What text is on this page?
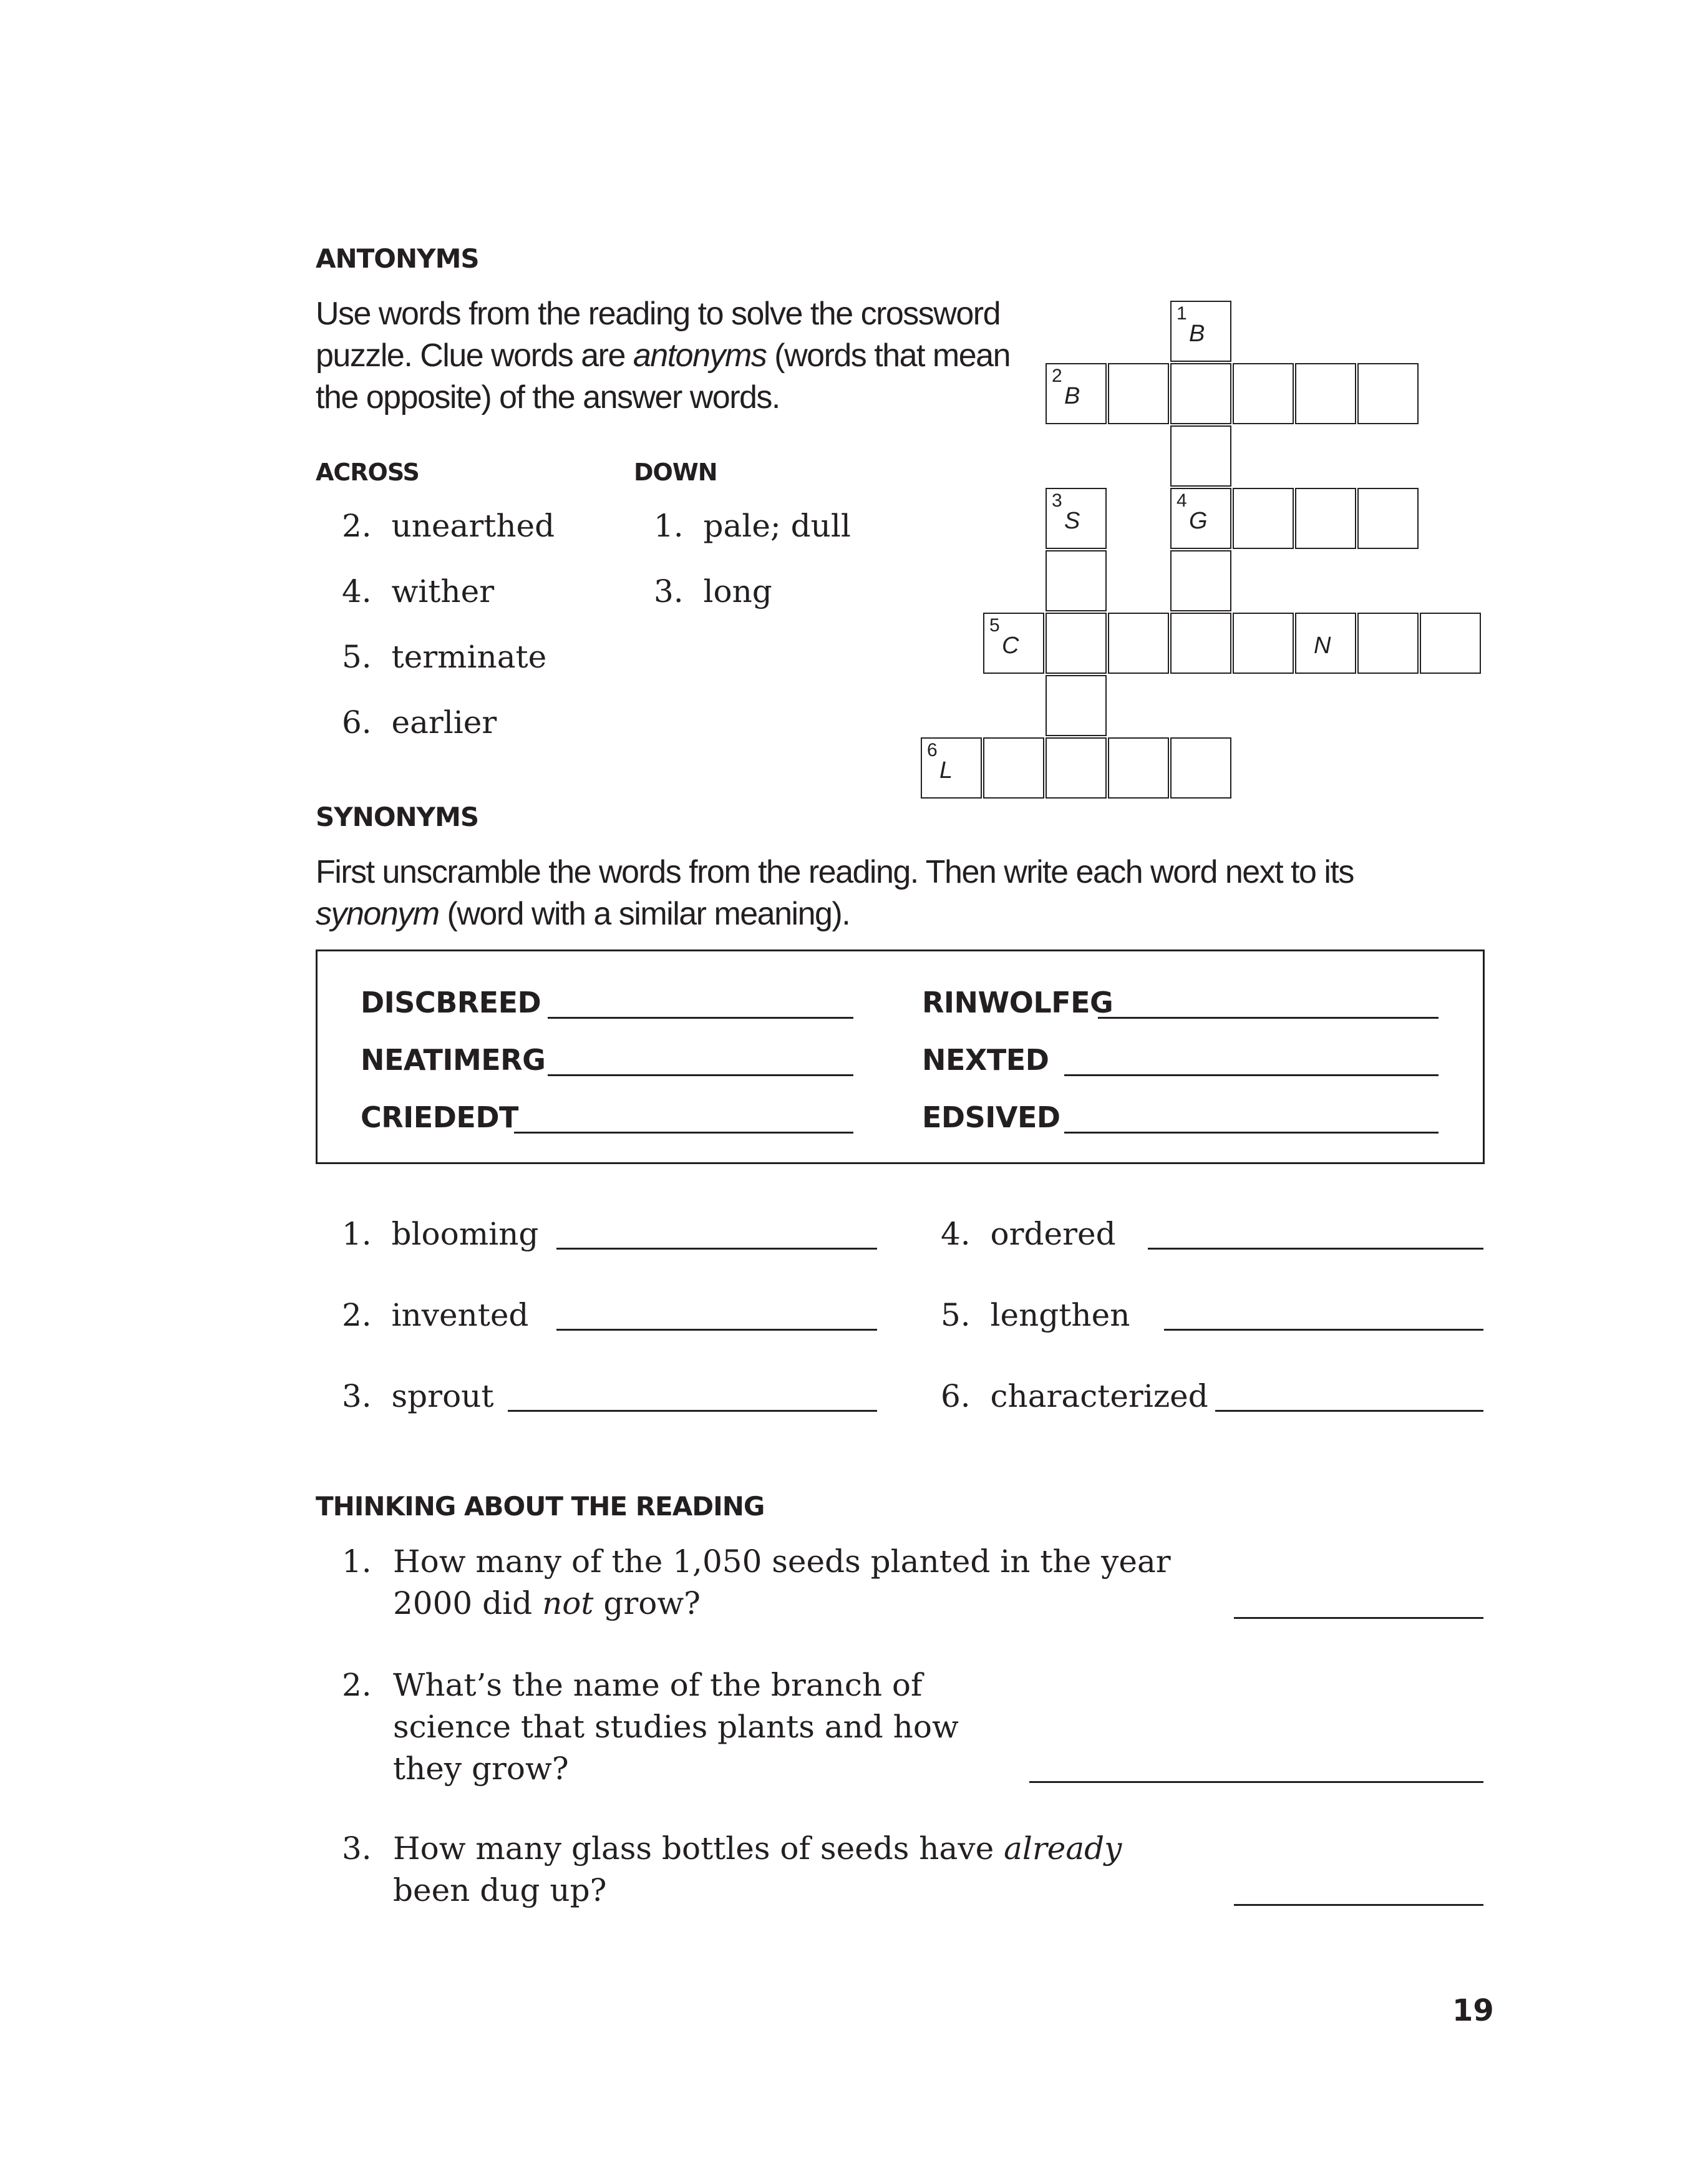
ANTONYMS
Use words from the reading to solve the crossword
puzzle. Clue words are antonyms (words that mean
the opposite) of the answer words.
ACROSS	DOWN
2. unearthed
4. wither
5. terminate
6. earlier
1. pale; dull
3. long
1
B
2
B
3
S
4
G
5
C	N
6
L
SYNONYMS
First unscramble the words from the reading. Then write each word next to its
synonym (word with a similar meaning).
DISCBREED	RINWOLFEG
NEATIMERG	NEXTED
CRIEDEDT	EDSIVED
1. blooming	4. ordered
2. invented	5. lengthen
3. sprout	6. characterized
THINKING ABOUT THE READING
1. How many of the 1,050 seeds planted in the year
2000 did not grow?
2. What’s the name of the branch of
science that studies plants and how
they grow?
3. How many glass bottles of seeds have already
been dug up?
19
